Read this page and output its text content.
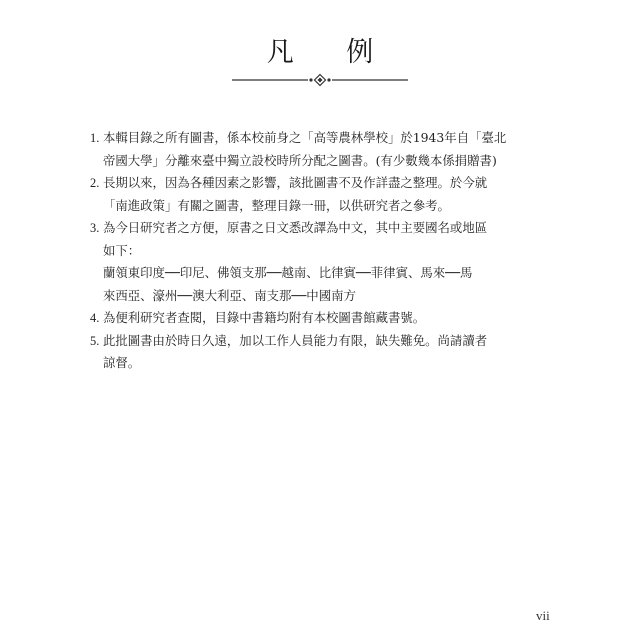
凡 例
1. 本輯目錄之所有圖書，係本校前身之「高等農林學校」於1943年自「臺北
帝國大學」分離來臺中獨立設校時所分配之圖書。(有少數幾本係捐贈書)
2. 長期以來，因為各種因素之影響，該批圖書不及作詳盡之整理。於今就
「南進政策」有關之圖書，整理目錄一冊，以供研究者之參考。
3. 為今日研究者之方便，原書之日文悉改譯為中文，其中主要國名或地區
如下：
蘭領東印度──印尼、佛領支那──越南、比律賓──菲律賓、馬來──馬
來西亞、濠州──澳大利亞、南支那──中國南方
4. 為便利研究者查閱，目錄中書籍均附有本校圖書館藏書號。
5. 此批圖書由於時日久遠，加以工作人員能力有限，缺失難免。尚請讀者
諒督。
vii
